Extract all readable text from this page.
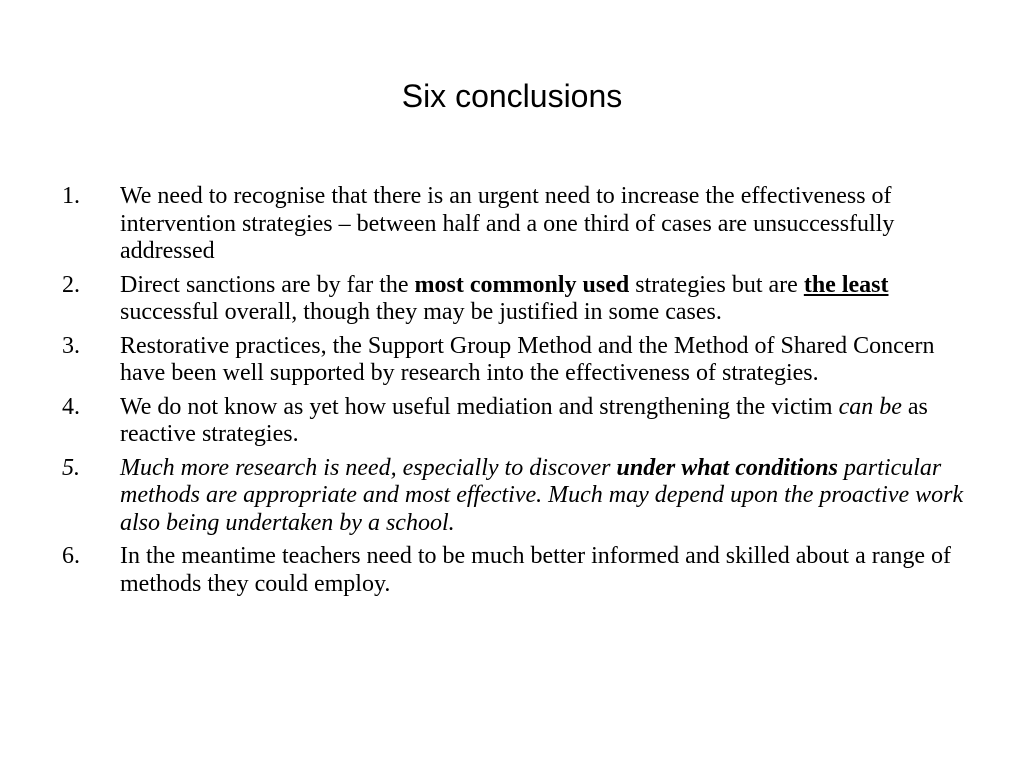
Six conclusions
1. We need to recognise that there is an urgent need to increase the effectiveness of intervention strategies – between half and a one third of cases are unsuccessfully addressed
2. Direct sanctions are by far the most commonly used strategies but are the least successful overall, though they may be justified in some cases.
3. Restorative practices, the Support Group Method and the Method of Shared Concern have been well supported by research into the effectiveness of strategies.
4. We do not know as yet how useful mediation and strengthening the victim can be as reactive strategies.
5. Much more research is need, especially to discover under what conditions particular methods are appropriate and most effective. Much may depend upon the proactive work also being undertaken by a school.
6. In the meantime teachers need to be much better informed and skilled about a range of methods they could employ.
